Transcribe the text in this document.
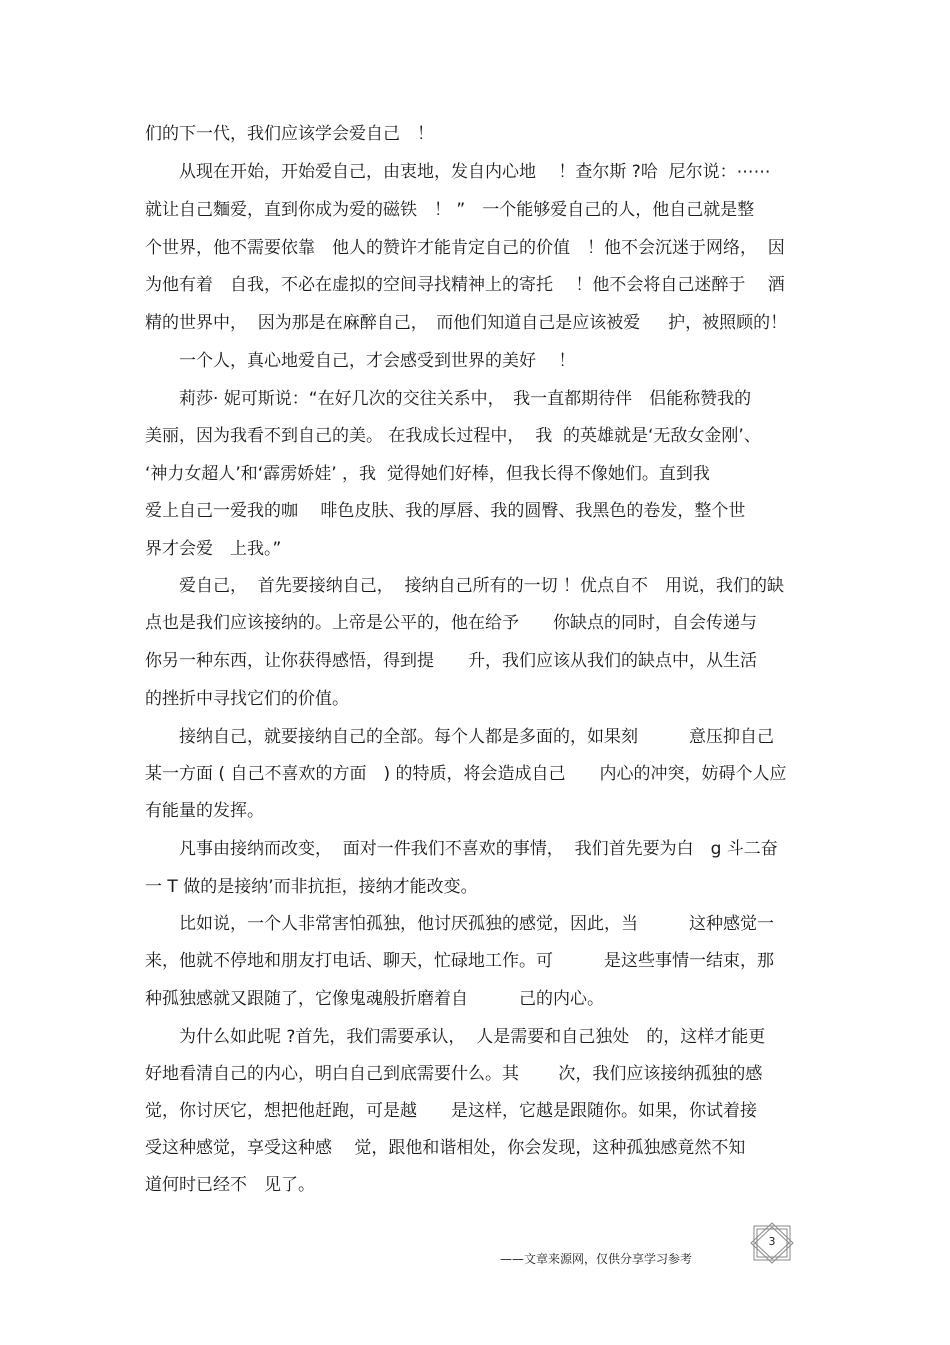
们的下一代，我们应该学会爱自己　！
　　从现在开始，开始爱自己，由衷地，发自内心地　 ！查尔斯 ?哈  尼尔说：⋯⋯
就让自己麵爱，直到你成为爱的磁铁　！ ”　一个能够爱自己的人，他自己就是整
个世界，他不需要依靠　他人的赞许才能肯定自己的价值　！他不会沉迷于网络，  因
为他有着　自我，不必在虚拟的空间寻找精神上的寄托　 ！他不会将自己迷醉于　 酒
精的世界中，  因为那是在麻醉自己，　而他们知道自己是应该被爱　  护，被照顾的！
　　一个人，真心地爱自己，才会感受到世界的美好　 ！
　　莉莎· 妮可斯说：“在好几次的交往关系中，　我一直都期待伴　侣能称赞我的
美丽，因为我看不到自己的美。 在我成长过程中，  我  的英雄就是‘无敌女金刚’、
‘神力女超人’和‘霹雳娇娃’ ，我  觉得她们好棒，但我长得不像她们。直到我
爱上自己一爱我的咖　 啡色皮肤、我的厚唇、我的圆臀、我黑色的卷发，整个世
界才会爱　上我。”
　　爱自己，  首先要接纳自己，  接纳自己所有的一切 ！优点自不　用说，我们的缺
点也是我们应该接纳的。上帝是公平的，他在给予　　你缺点的同时，自会传递与
你另一种东西，让你获得感悟，得到提　　升，我们应该从我们的缺点中，从生活
的挫折中寻找它们的价值。
　　接纳自己，就要接纳自己的全部。每个人都是多面的，如果刻　　　意压抑自己
某一方面 ( 自己不喜欢的方面　) 的特质，将会造成自己　　内心的冲突，妨碍个人应
有能量的发挥。
　　凡事由接纳而改变，  面对一件我们不喜欢的事情，  我们首先要为白　g 斗二奋
一 T 做的是接纳’而非抗拒，接纳才能改变。
　　比如说，一个人非常害怕孤独，他讨厌孤独的感觉，因此，当　　　这种感觉一
来，他就不停地和朋友打电话、聊天，忙碌地工作。可　　　是这些事情一结束，那
种孤独感就又跟随了，它像鬼魂般折磨着自　　　己的内心。
　　为什么如此呢 ?首先，我们需要承认，  人是需要和自己独处　的，这样才能更
好地看清自己的内心，明白自己到底需要什么。其　　 次，我们应该接纳孤独的感
觉，你讨厌它，想把他赶跑，可是越　　是这样，它越是跟随你。如果，你试着接
受这种感觉，享受这种感　 觉，跟他和谐相处，你会发现，这种孤独感竟然不知
道何时已经不　见了。
——文章来源网，仅供分享学习参考
3
